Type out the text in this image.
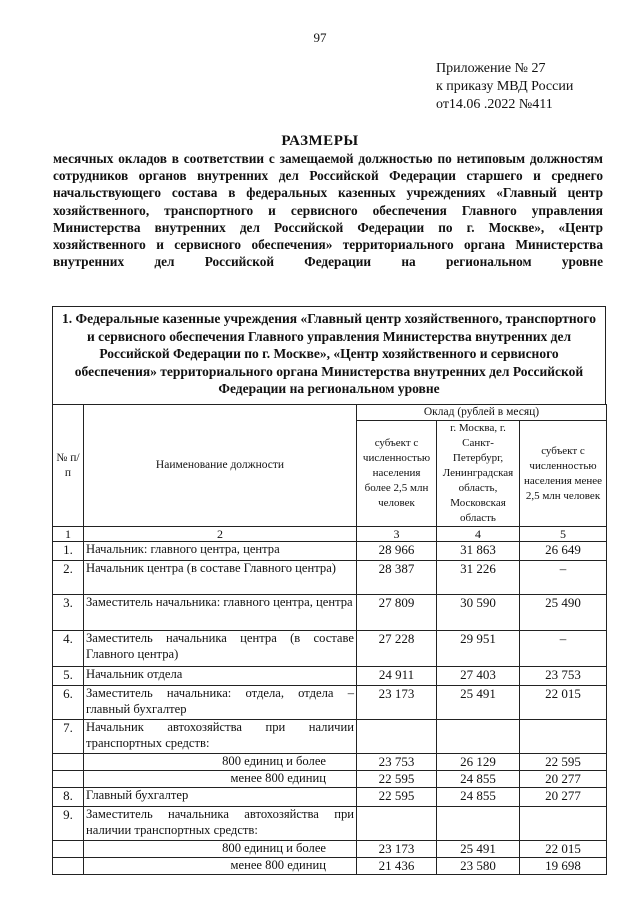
97
Приложение № 27
к приказу МВД России
от14.06 .2022 №411
РАЗМЕРЫ
месячных окладов в соответствии с замещаемой должностью по нетиповым должностям сотрудников органов внутренних дел Российской Федерации старшего и среднего начальствующего состава в федеральных казенных учреждениях «Главный центр хозяйственного, транспортного и сервисного обеспечения Главного управления Министерства внутренних дел Российской Федерации по г. Москве», «Центр хозяйственного и сервисного обеспечения» территориального органа Министерства внутренних дел Российской Федерации на региональном уровне
1. Федеральные казенные учреждения «Главный центр хозяйственного, транспортного и сервисного обеспечения Главного управления Министерства внутренних дел Российской Федерации по г. Москве», «Центр хозяйственного и сервисного обеспечения» территориального органа Министерства внутренних дел Российской Федерации на региональном уровне
№ п/п	Наименование должности	Оклад (рублей в месяц)		
		субъект с численностью населения более 2,5 млн человек	г. Москва, г. Санкт-Петербург, Ленинградская область, Московская область	субъект с численностью населения менее 2,5 млн человек
1	2	3	4	5
1.	Начальник: главного центра, центра	28 966	31 863	26 649
2.	Начальник центра (в составе Главного центра)	28 387	31 226	–
3.	Заместитель начальника: главного центра, центра	27 809	30 590	25 490
4.	Заместитель начальника центра (в составе Главного центра)	27 228	29 951	–
5.	Начальник отдела	24 911	27 403	23 753
6.	Заместитель начальника: отдела, отдела – главный бухгалтер	23 173	25 491	22 015
7.	Начальник автохозяйства при наличии транспортных средств:			
	800 единиц и более	23 753	26 129	22 595
	менее 800 единиц	22 595	24 855	20 277
8.	Главный бухгалтер	22 595	24 855	20 277
9.	Заместитель начальника автохозяйства при наличии транспортных средств:			
	800 единиц и более	23 173	25 491	22 015
	менее 800 единиц	21 436	23 580	19 698
